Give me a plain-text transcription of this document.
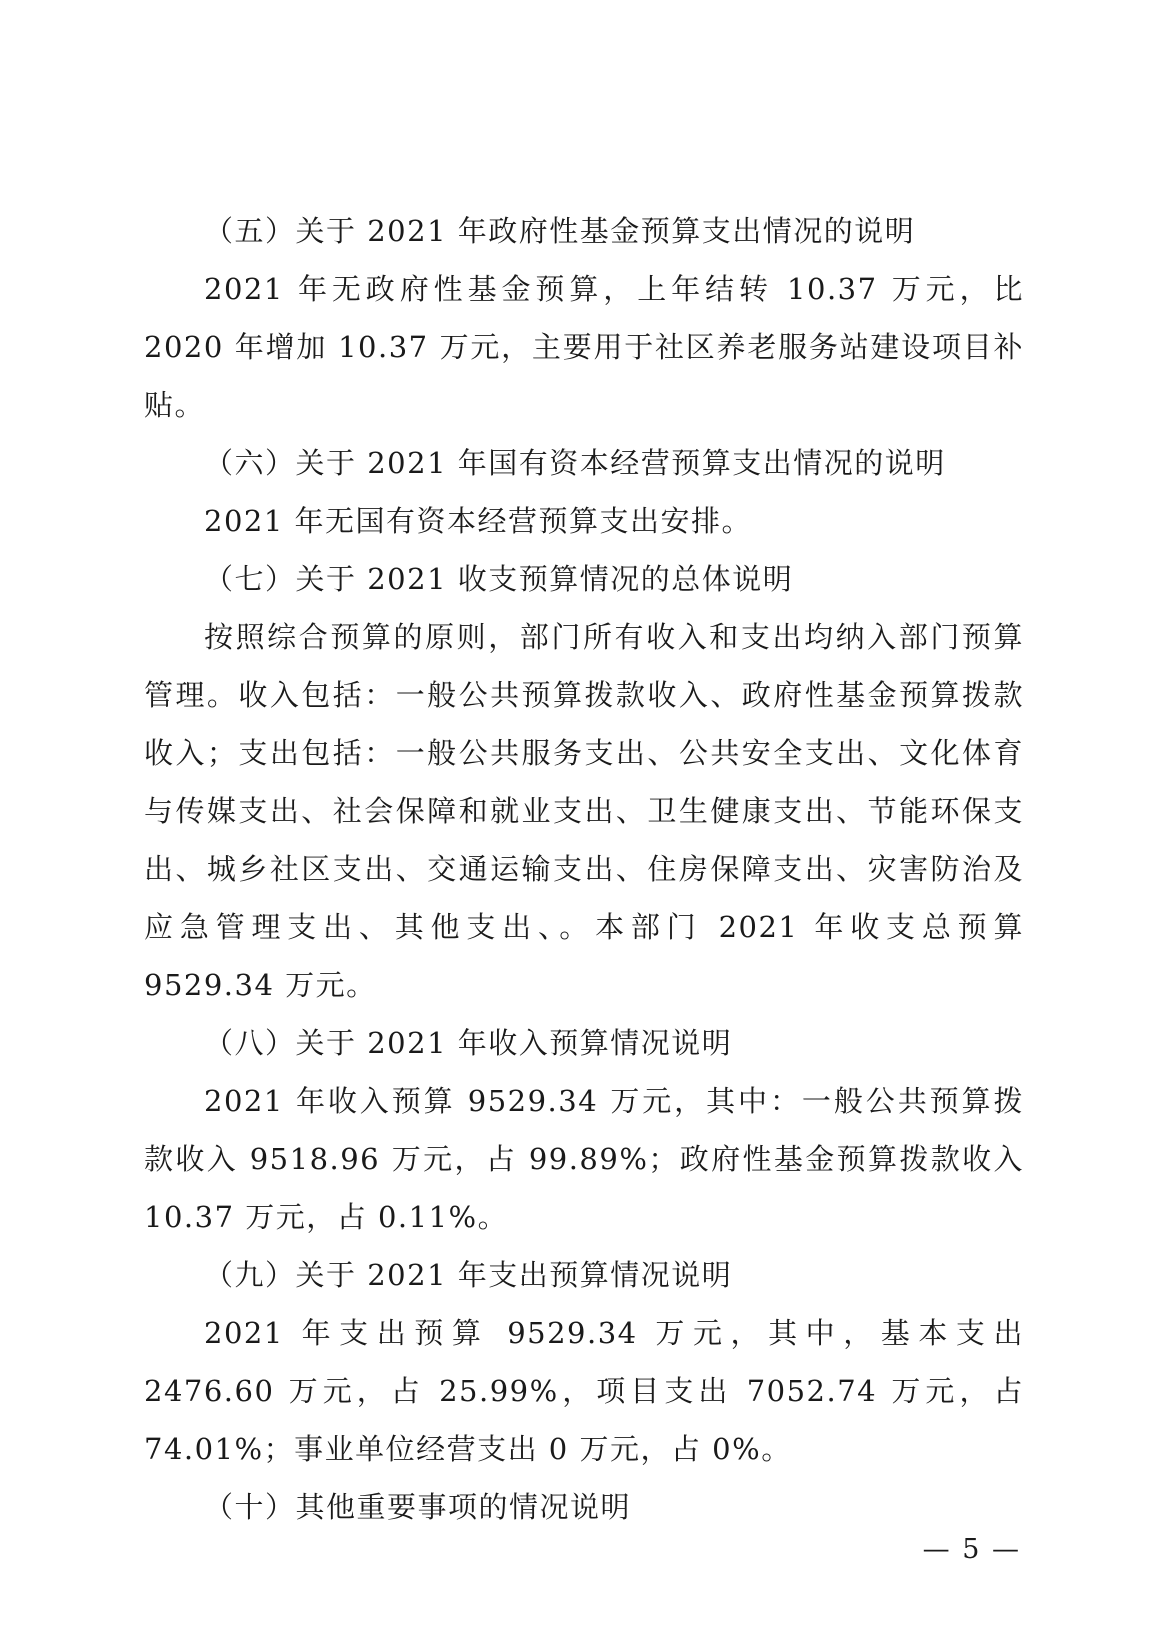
（五）关于 2021 年政府性基金预算支出情况的说明

2021 年无政府性基金预算，上年结转 10.37 万元，比 2020 年增加 10.37 万元，主要用于社区养老服务站建设项目补贴。

（六）关于 2021 年国有资本经营预算支出情况的说明

2021 年无国有资本经营预算支出安排。

（七）关于 2021 收支预算情况的总体说明

按照综合预算的原则，部门所有收入和支出均纳入部门预算管理。收入包括：一般公共预算拨款收入、政府性基金预算拨款收入；支出包括：一般公共服务支出、公共安全支出、文化体育与传媒支出、社会保障和就业支出、卫生健康支出、节能环保支出、城乡社区支出、交通运输支出、住房保障支出、灾害防治及应急管理支出、其他支出、。本部门 2021 年收支总预算 9529.34 万元。

（八）关于 2021 年收入预算情况说明

2021 年收入预算 9529.34 万元，其中：一般公共预算拨款收入 9518.96 万元，占 99.89%；政府性基金预算拨款收入 10.37 万元，占 0.11%。

（九）关于 2021 年支出预算情况说明

2021 年支出预算 9529.34 万元，其中，基本支出 2476.60 万元，占 25.99%，项目支出 7052.74 万元，占 74.01%；事业单位经营支出 0 万元，占 0%。

（十）其他重要事项的情况说明

— 5 —
